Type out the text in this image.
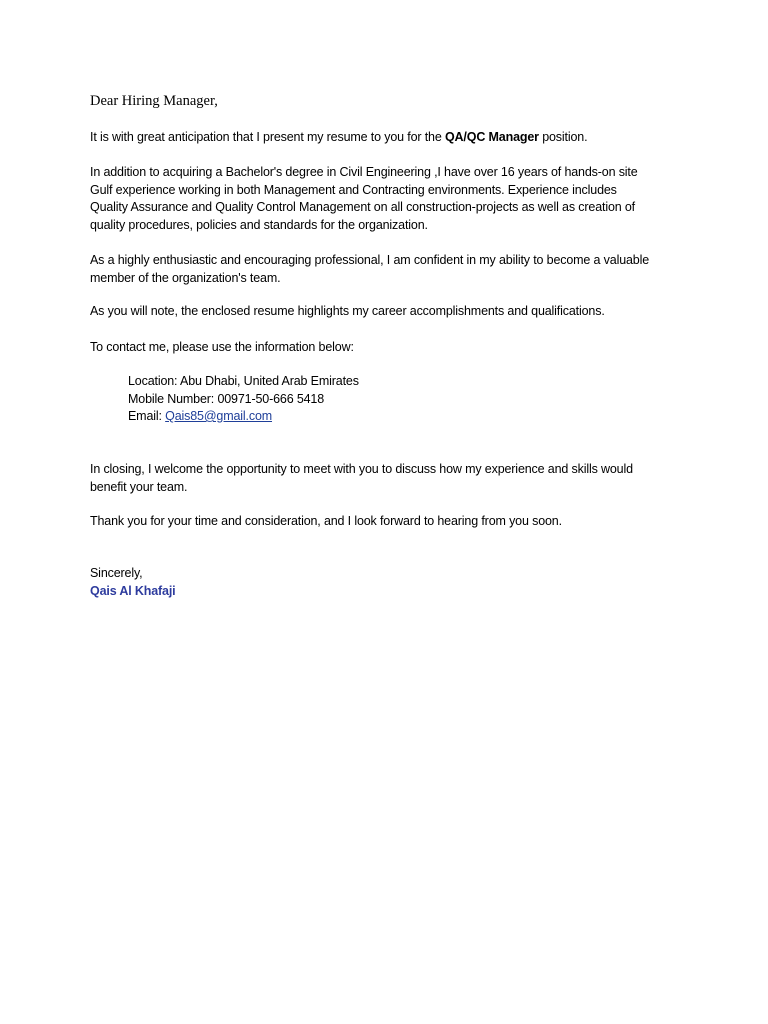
Dear Hiring Manager,

It is with great anticipation that I present my resume to you for the QA/QC Manager position.

In addition to acquiring a Bachelor's degree in Civil Engineering ,I have over 16 years of hands-on site
Gulf experience working in both Management and Contracting environments. Experience includes
Quality Assurance and Quality Control Management on all construction-projects as well as creation of
quality procedures, policies and standards for the organization.

As a highly enthusiastic and encouraging professional, I am confident in my ability to become a valuable
member of the organization's team.

As you will note, the enclosed resume highlights my career accomplishments and qualifications.

To contact me, please use the information below:

Location: Abu Dhabi, United Arab Emirates
Mobile Number: 00971-50-666 5418
Email: Qais85@gmail.com

In closing, I welcome the opportunity to meet with you to discuss how my experience and skills would
benefit your team.

Thank you for your time and consideration, and I look forward to hearing from you soon.

Sincerely,

Qais Al Khafaji
